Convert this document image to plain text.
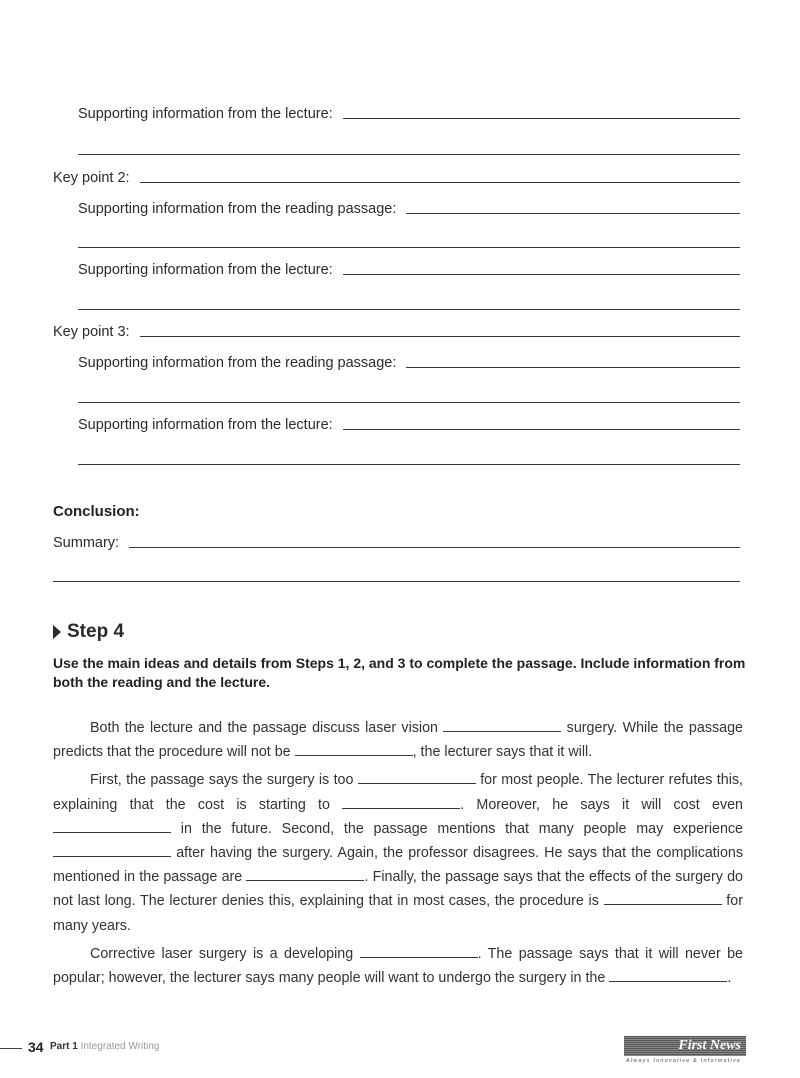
Supporting information from the lecture:
Key point 2:
Supporting information from the reading passage:
Supporting information from the lecture:
Key point 3:
Supporting information from the reading passage:
Supporting information from the lecture:
Conclusion:
Summary:
Step 4
Use the main ideas and details from Steps 1, 2, and 3 to complete the passage. Include information from both the reading and the lecture.

Both the lecture and the passage discuss laser vision	surgery. While the passage predicts that the procedure will not be	, the lecturer says that it will.

First, the passage says the surgery is too	for most people. The lecturer refutes this, explaining that the cost is starting to	. Moreover, he says it will cost even  in the future. Second, the passage mentions that many people may experience  after having the surgery. Again, the professor disagrees. He says that the complications mentioned in the passage are	. Finally, the passage says that the effects of the surgery do not last long. The lecturer denies this, explaining that in most cases, the procedure is	for many years.

Corrective laser surgery is a developing	. The passage says that it will never be popular; however, the lecturer says many people will want to undergo the surgery in the	.

34 Part 1 Integrated Writing	First News
Always Innovative & Informative
